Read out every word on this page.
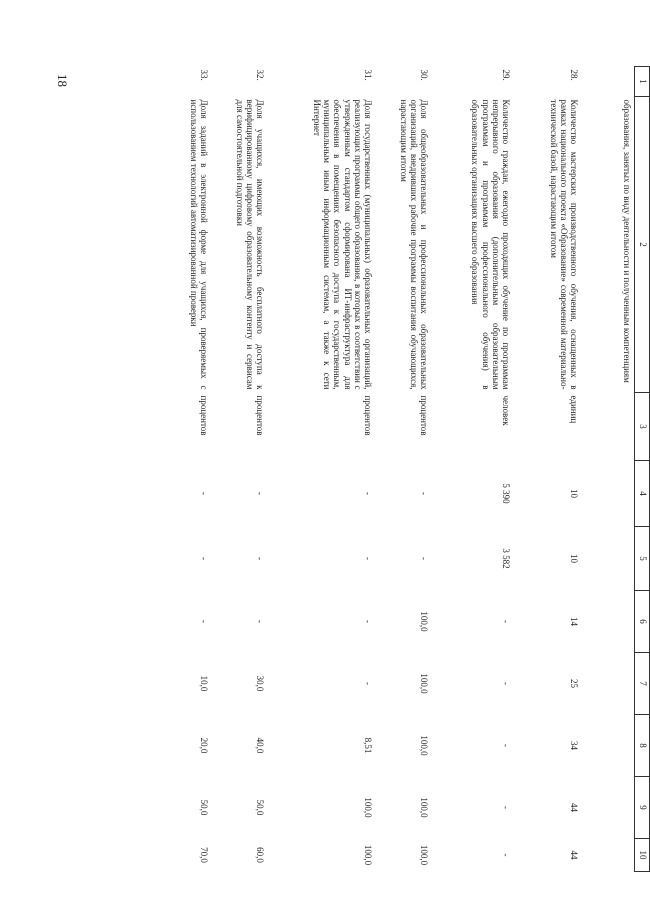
18	1	2	3	4	5	6	7	8	9	10
	образования, занятых по виду деятельности и полученным компетенциям								
28.	Количество мастерских производственного обучения, оснащенных в рамках национального проекта «Образование» современной материально-технической базой, нарастающим итогом	единиц	10	10	14	25	34	44	44
29.	Количество граждан, ежегодно проходящих обучение по программам непрерывного образования (дополнительным образовательным программам и программам профессионального обучения) в образовательных организациях высшего образования	человек	5 390	3 582	-	-	-	-	-
30.	Доля общеобразовательных и профессиональных образовательных организаций, внедривших рабочие программы воспитания обучающихся, нарастающим итогом	процентов	-	-	100,0	100,0	100,0	100,0	100,0
31.	Доля государственных (муниципальных) образовательных организаций, реализующих программы общего образования, в которых в соответствии с утвержденным стандартом сформирована ИТ-инфраструктура для обеспечения в помещениях безопасного доступа к государственным, муниципальным иным информационным системам, а также к сети Интернет	процентов	-	-	-	-	8,51	100,0	100,0
32.	Доля учащихся, имеющих возможность бесплатного доступа к верифицированному цифровому образовательному контенту и сервисам для самостоятельной подготовки	процентов	-	-	-	30,0	40,0	50,0	60,0
33.	Доля заданий в электронной форме для учащихся, проверяемых с использованием технологий автоматизированной проверки	процентов	-	-	-	10,0	20,0	50,0	70,0
